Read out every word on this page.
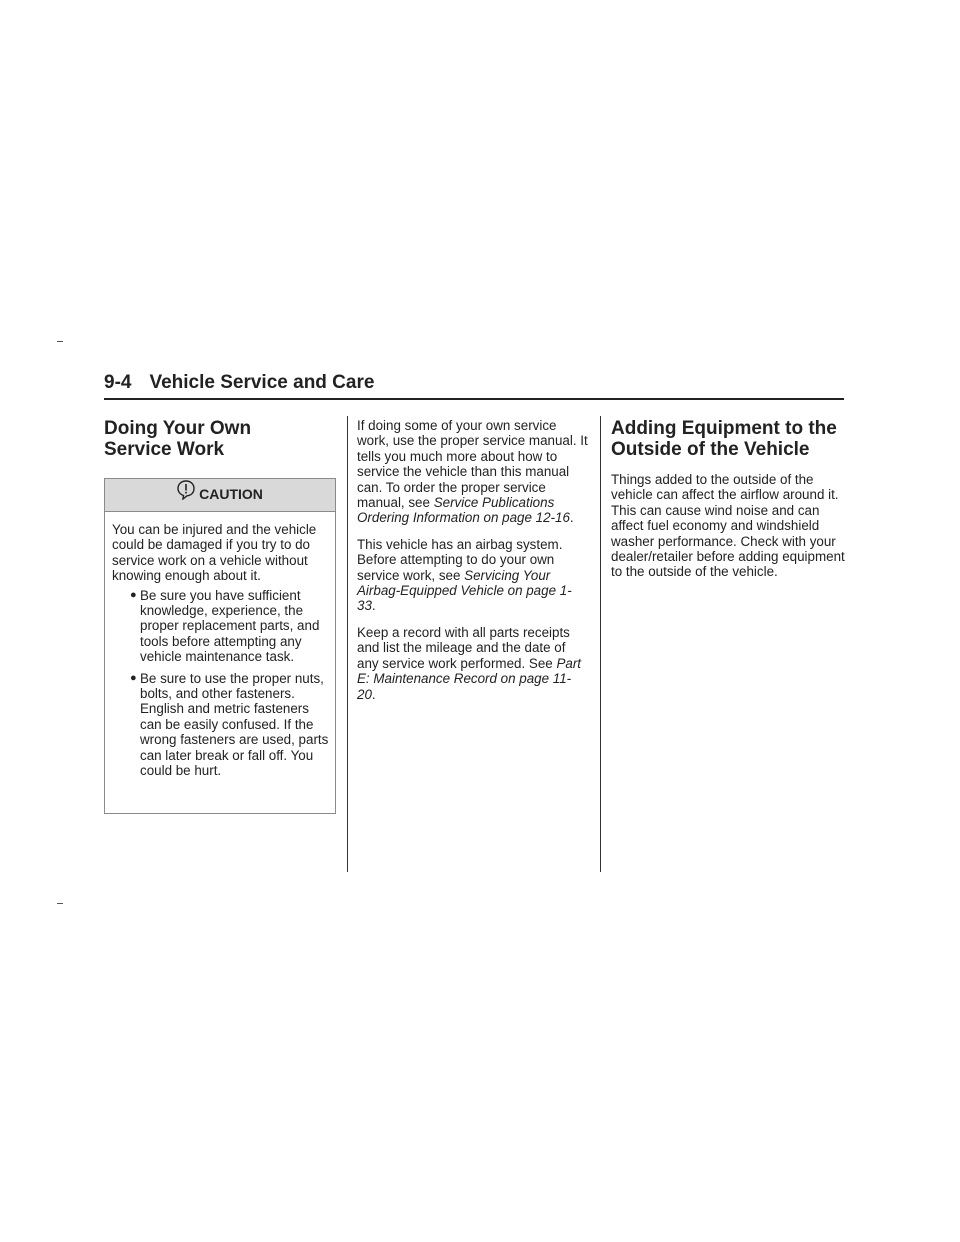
9-4 Vehicle Service and Care
Doing Your Own Service Work
CAUTION

You can be injured and the vehicle could be damaged if you try to do service work on a vehicle without knowing enough about it.

● Be sure you have sufficient knowledge, experience, the proper replacement parts, and tools before attempting any vehicle maintenance task.
● Be sure to use the proper nuts, bolts, and other fasteners. English and metric fasteners can be easily confused. If the wrong fasteners are used, parts can later break or fall off. You could be hurt.

If doing some of your own service work, use the proper service manual. It tells you much more about how to service the vehicle than this manual can. To order the proper service manual, see Service Publications Ordering Information on page 12-16.

This vehicle has an airbag system. Before attempting to do your own service work, see Servicing Your Airbag-Equipped Vehicle on page 1-33.

Keep a record with all parts receipts and list the mileage and the date of any service work performed. See Part E: Maintenance Record on page 11-20.

Adding Equipment to the Outside of the Vehicle

Things added to the outside of the vehicle can affect the airflow around it. This can cause wind noise and can affect fuel economy and windshield washer performance. Check with your dealer/retailer before adding equipment to the outside of the vehicle.
